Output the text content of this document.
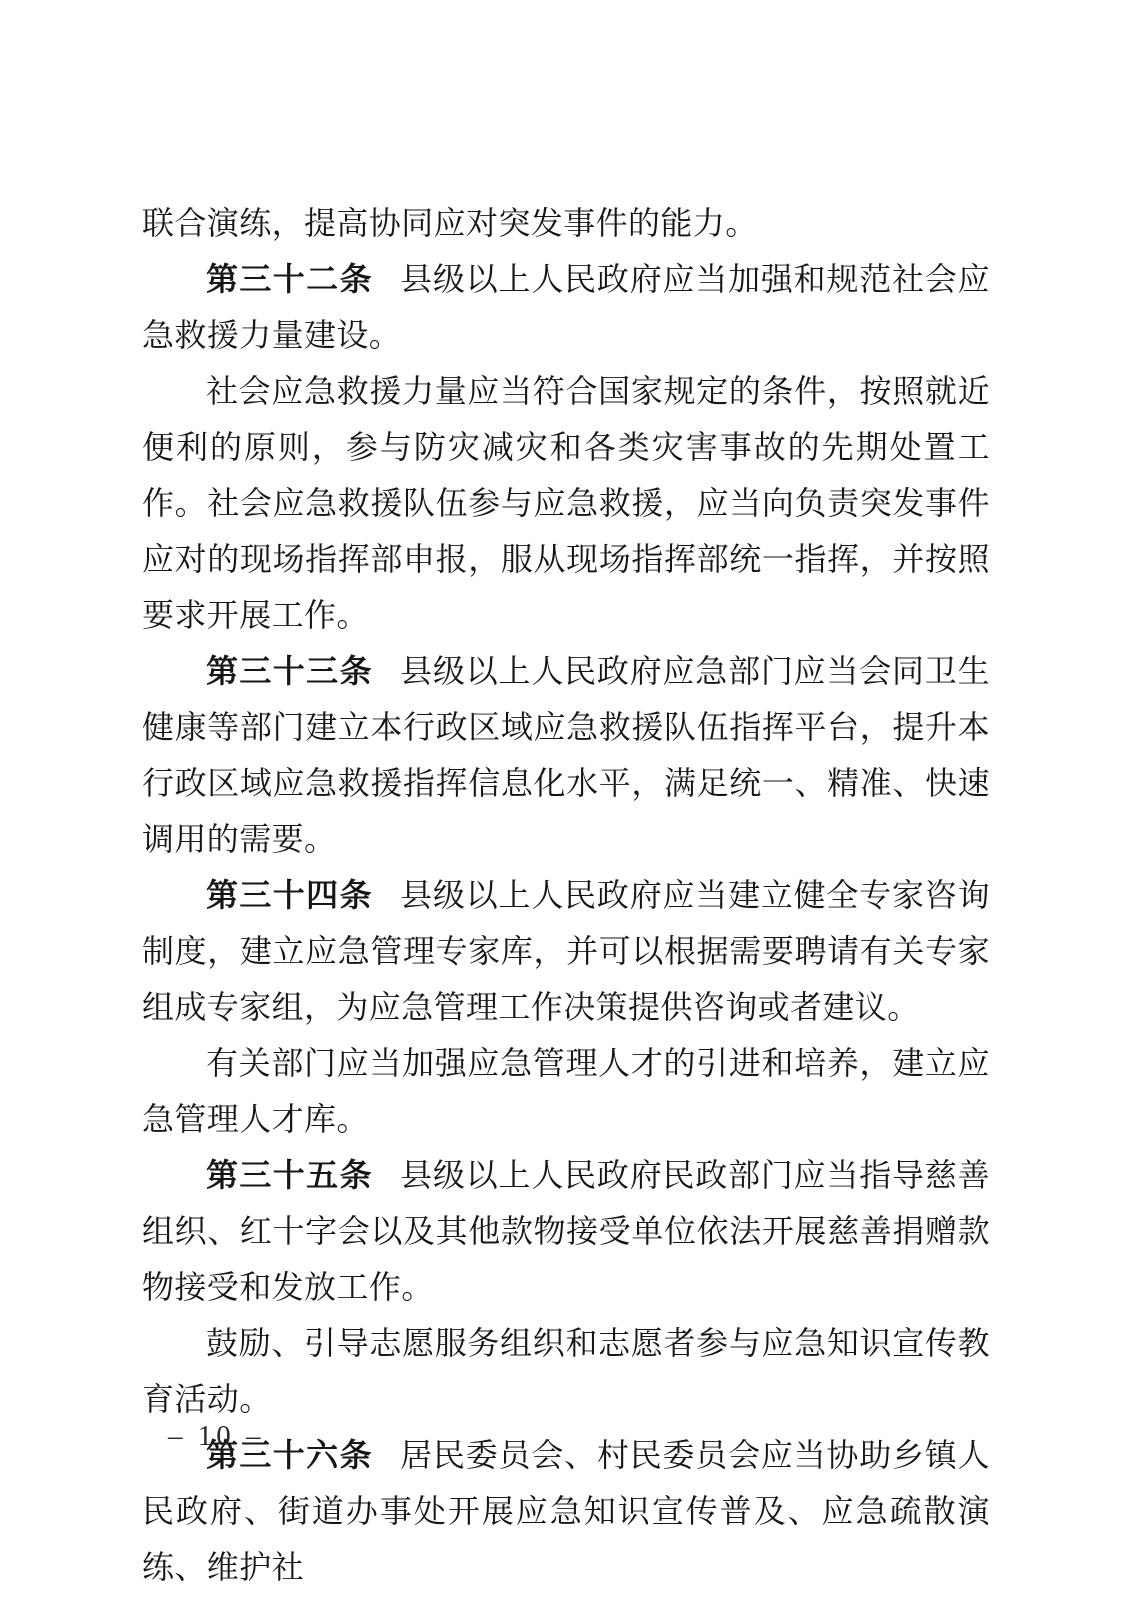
联合演练，提高协同应对突发事件的能力。

第三十二条 县级以上人民政府应当加强和规范社会应急救援力量建设。

社会应急救援力量应当符合国家规定的条件，按照就近便利的原则，参与防灾减灾和各类灾害事故的先期处置工作。社会应急救援队伍参与应急救援，应当向负责突发事件应对的现场指挥部申报，服从现场指挥部统一指挥，并按照要求开展工作。

第三十三条 县级以上人民政府应急部门应当会同卫生健康等部门建立本行政区域应急救援队伍指挥平台，提升本行政区域应急救援指挥信息化水平，满足统一、精准、快速调用的需要。

第三十四条 县级以上人民政府应当建立健全专家咨询制度，建立应急管理专家库，并可以根据需要聘请有关专家组成专家组，为应急管理工作决策提供咨询或者建议。

有关部门应当加强应急管理人才的引进和培养，建立应急管理人才库。

第三十五条 县级以上人民政府民政部门应当指导慈善组织、红十字会以及其他款物接受单位依法开展慈善捐赠款物接受和发放工作。

鼓励、引导志愿服务组织和志愿者参与应急知识宣传教育活动。

第三十六条 居民委员会、村民委员会应当协助乡镇人民政府、街道办事处开展应急知识宣传普及、应急疏散演练、维护社

– 10 –
